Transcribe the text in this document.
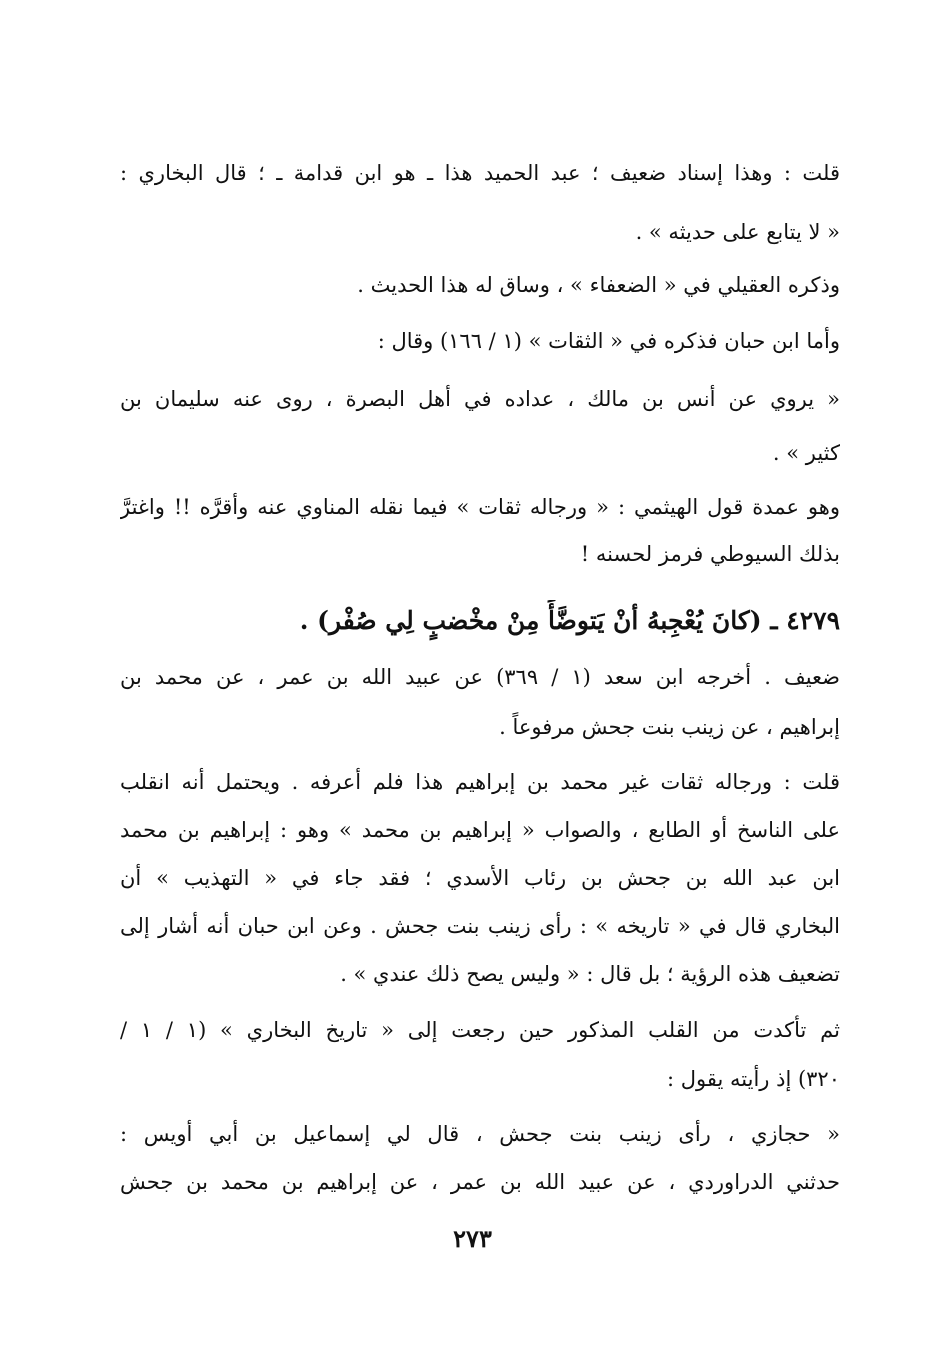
قلت : وهذا إسناد ضعيف ؛ عبد الحميد هذا ـ هو ابن قدامة ـ ؛ قال البخاري :
« لا يتابع على حديثه » .
وذكره العقيلي في « الضعفاء » ، وساق له هذا الحديث .
وأما ابن حبان فذكره في « الثقات » (١ / ١٦٦) وقال :
« يروي عن أنس بن مالك ، عداده في أهل البصرة ، روى عنه سليمان بن
كثير » .
وهو عمدة قول الهيثمي : « ورجاله ثقات » فيما نقله المناوي عنه وأقرَّه !! واغترَّ
بذلك السيوطي فرمز لحسنه !
٤٢٧٩ ـ (كانَ يُعْجِبهُ أنْ يَتوضَّأَ مِنْ مخْضبٍ لِي صُفْر) .
ضعيف . أخرجه ابن سعد (١ / ٣٦٩) عن عبيد الله بن عمر ، عن محمد بن
إبراهيم ، عن زينب بنت جحش مرفوعاً .
قلت : ورجاله ثقات غير محمد بن إبراهيم هذا فلم أعرفه . ويحتمل أنه انقلب
على الناسخ أو الطابع ، والصواب « إبراهيم بن محمد » وهو : إبراهيم بن محمد
ابن عبد الله بن جحش بن رئاب الأسدي ؛ فقد جاء في « التهذيب » أن
البخاري قال في « تاريخه » : رأى زينب بنت جحش . وعن ابن حبان أنه أشار إلى
تضعيف هذه الرؤية ؛ بل قال : « وليس يصح ذلك عندي » .
ثم تأكدت من القلب المذكور حين رجعت إلى « تاريخ البخاري » (١ / ١ /
٣٢٠) إذ رأيته يقول :
« حجازي ، رأى زينب بنت جحش ، قال لي إسماعيل بن أبي أويس :
حدثني الدراوردي ، عن عبيد الله بن عمر ، عن إبراهيم بن محمد بن جحش
٢٧٣
